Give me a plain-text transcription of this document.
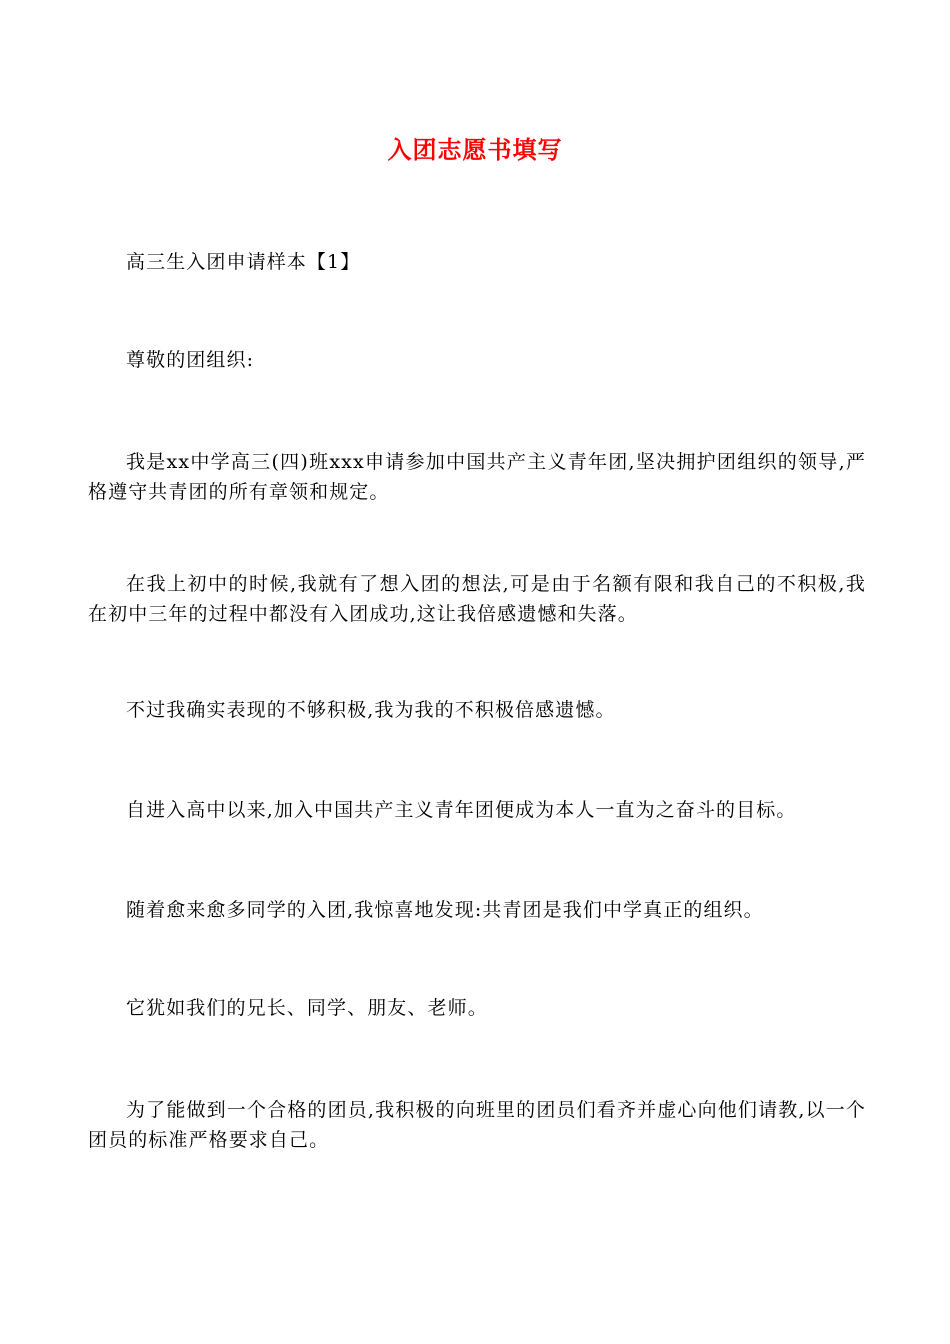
入团志愿书填写

高三生入团申请样本【1】

尊敬的团组织:

我是xx中学高三(四)班xxx申请参加中国共产主义青年团,坚决拥护团组织的领导,严格遵守共青团的所有章领和规定。

在我上初中的时候,我就有了想入团的想法,可是由于名额有限和我自己的不积极,我在初中三年的过程中都没有入团成功,这让我倍感遗憾和失落。

不过我确实表现的不够积极,我为我的不积极倍感遗憾。

自进入高中以来,加入中国共产主义青年团便成为本人一直为之奋斗的目标。

随着愈来愈多同学的入团,我惊喜地发现:共青团是我们中学真正的组织。

它犹如我们的兄长、同学、朋友、老师。

为了能做到一个合格的团员,我积极的向班里的团员们看齐并虚心向他们请教,以一个团员的标准严格要求自己。
